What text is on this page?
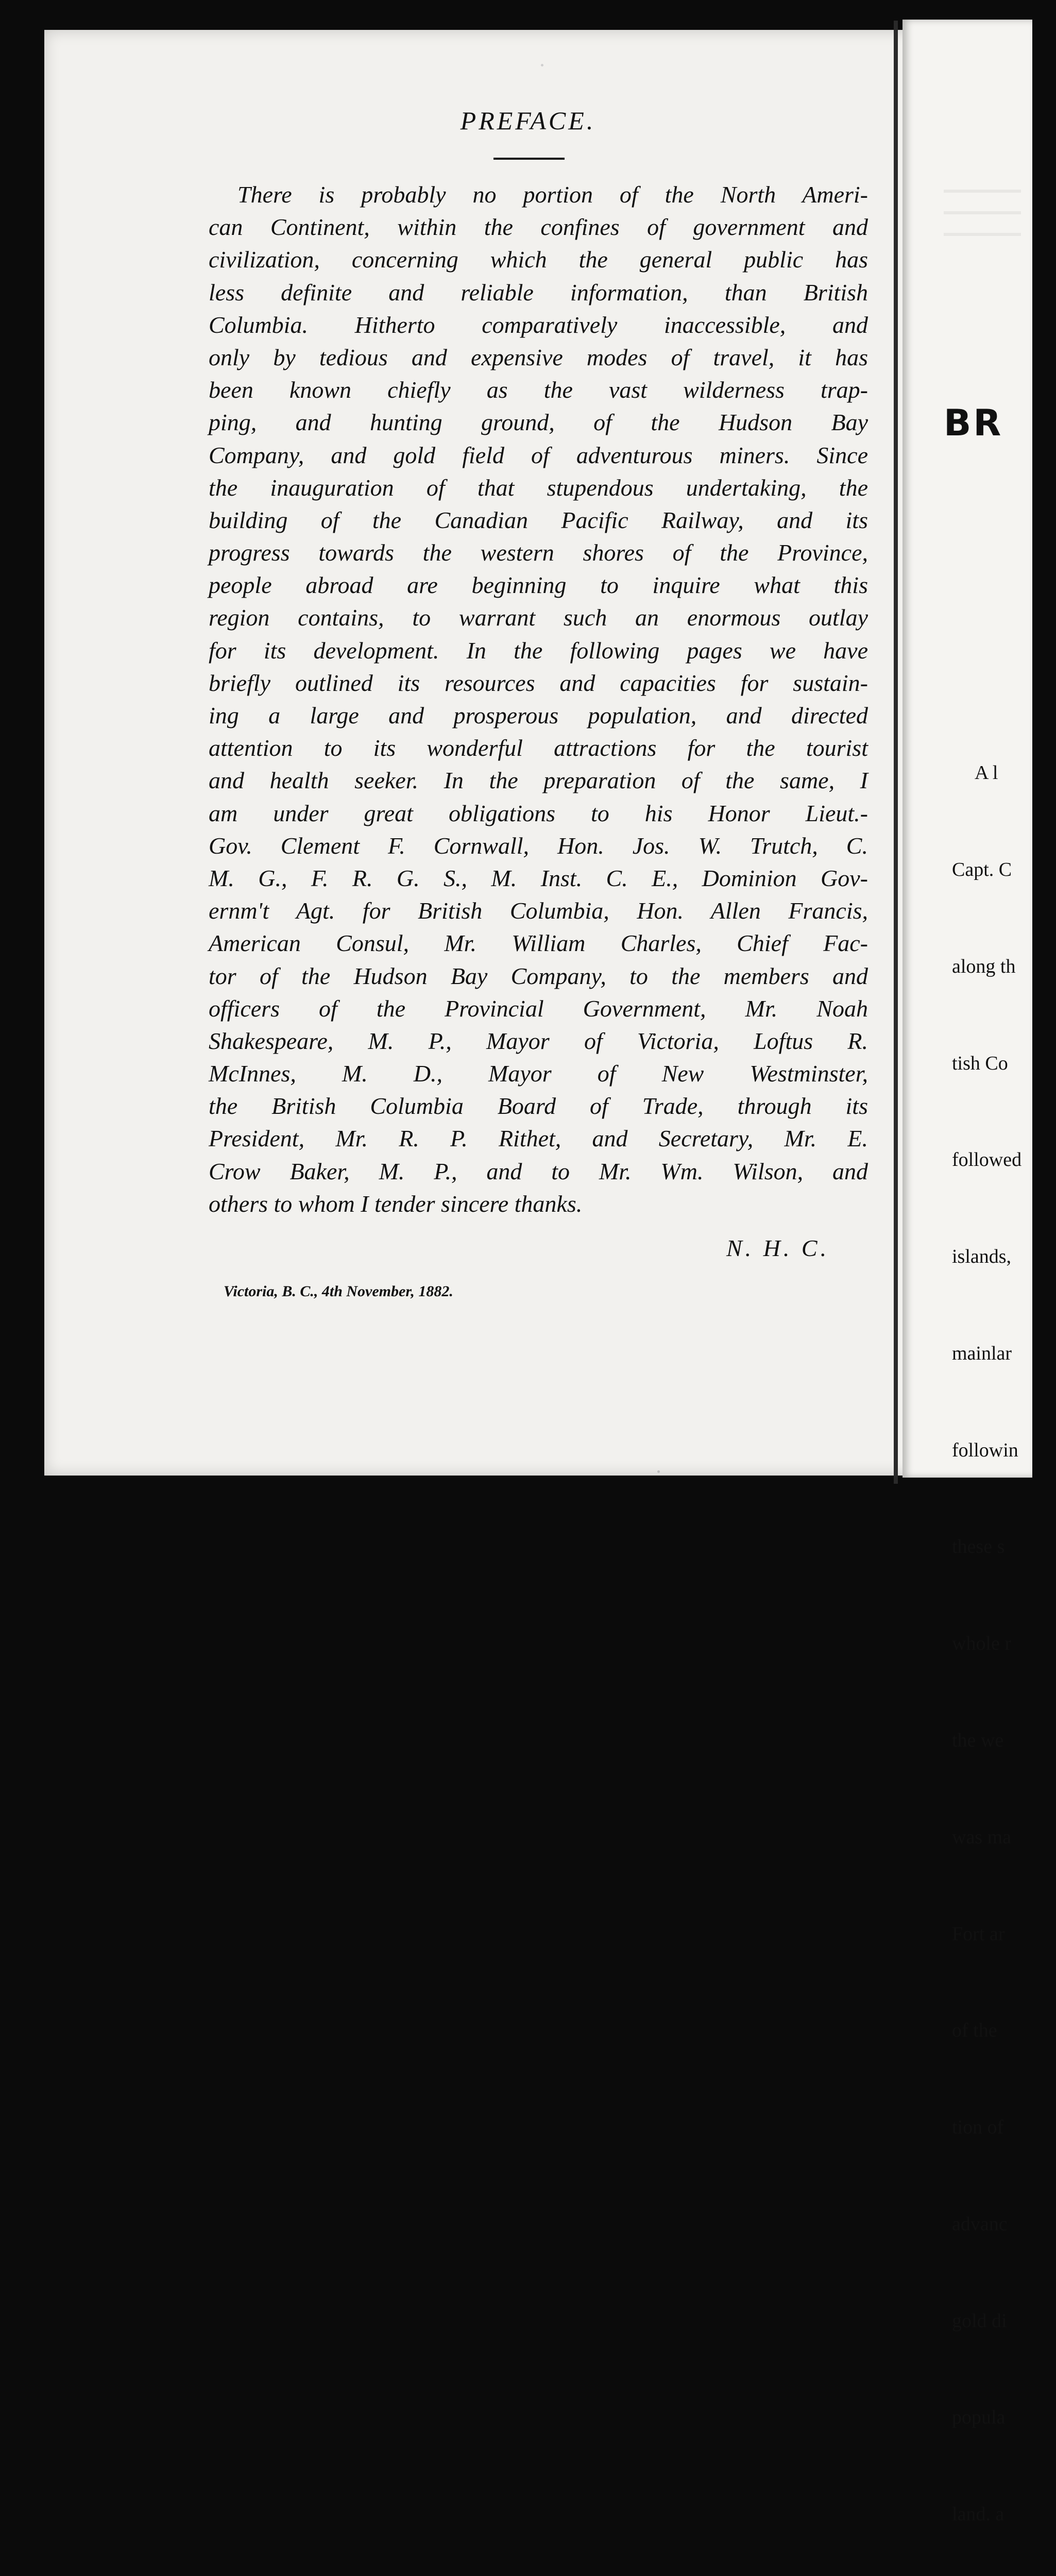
PREFACE.
There is probably no portion of the North Ameri-
can Continent, within the confines of government and
civilization, concerning which the general public has
less definite and reliable information, than British
Columbia. Hitherto comparatively inaccessible, and
only by tedious and expensive modes of travel, it has
been known chiefly as the vast wilderness trap-
ping, and hunting ground, of the Hudson Bay
Company, and gold field of adventurous miners. Since
the inauguration of that stupendous undertaking, the
building of the Canadian Pacific Railway, and its
progress towards the western shores of the Province,
people abroad are beginning to inquire what this
region contains, to warrant such an enormous outlay
for its development. In the following pages we have
briefly outlined its resources and capacities for sustain-
ing a large and prosperous population, and directed
attention to its wonderful attractions for the tourist
and health seeker. In the preparation of the same, I
am under great obligations to his Honor Lieut.-
Gov. Clement F. Cornwall, Hon. Jos. W. Trutch, C.
M. G., F. R. G. S., M. Inst. C. E., Dominion Gov-
ernm't Agt. for British Columbia, Hon. Allen Francis,
American Consul, Mr. William Charles, Chief Fac-
tor of the Hudson Bay Company, to the members and
officers of the Provincial Government, Mr. Noah
Shakespeare, M. P., Mayor of Victoria, Loftus R.
McInnes, M. D., Mayor of New Westminster,
the British Columbia Board of Trade, through its
President, Mr. R. P. Rithet, and Secretary, Mr. E.
Crow Baker, M. P., and to Mr. Wm. Wilson, and
others to whom I tender sincere thanks.
N. H. C.
Victoria, B. C., 4th November, 1882.
BR

A l

Capt. C

along th

tish Co

followed

islands,

mainlar

followin

these s

whole r

the we

was ma

Fort ar

of the

tion of

advanc

gold di

popula

land. a
